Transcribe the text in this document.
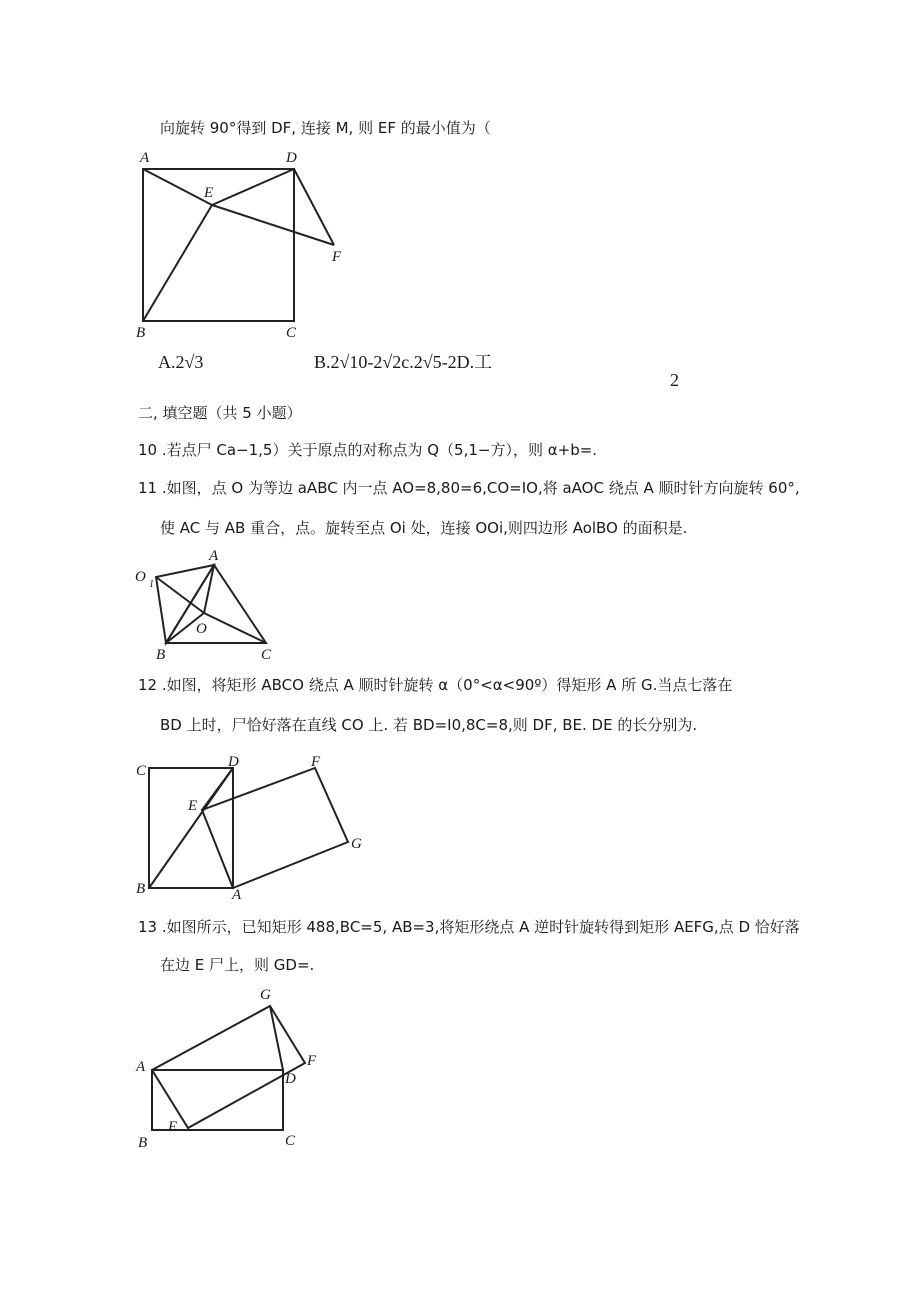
向旋转 90°得到 DF, 连接 M, 则 EF 的最小值为（
A	D
E
F
B	C
A.2√3	B.2√10-2√2c.2√5-2D.工
2
二, 填空题（共 5 小题）
10 .若点尸 Ca−1,5）关于原点的对称点为 Q（5,1−方），则 α+b=.
11 .如图，点 O 为等边 aABC 内一点 AO=8,80=6,CO=IO,将 aAOC 绕点 A 顺时针方向旋转 60°,
使 AC 与 AB 重合，点。旋转至点 Oi 处，连接 OOi,则四边形 AolBO 的面积是.
A
O 1
O
B	C
12 .如图，将矩形 ABCO 绕点 A 顺时针旋转 α（0°<α<90º）得矩形 A 所 G.当点七落在
BD 上时，尸恰好落在直线 CO 上. 若 BD=I0,8C=8,则 DF, BE. DE 的长分别为.
C
D	F
E
G
B	A
13 .如图所示，已知矩形 488,BC=5, AB=3,将矩形绕点 A 逆时针旋转得到矩形 AEFG,点 D 恰好落
在边 E 尸上，则 GD=.
G
A	F
D
E
B	C
